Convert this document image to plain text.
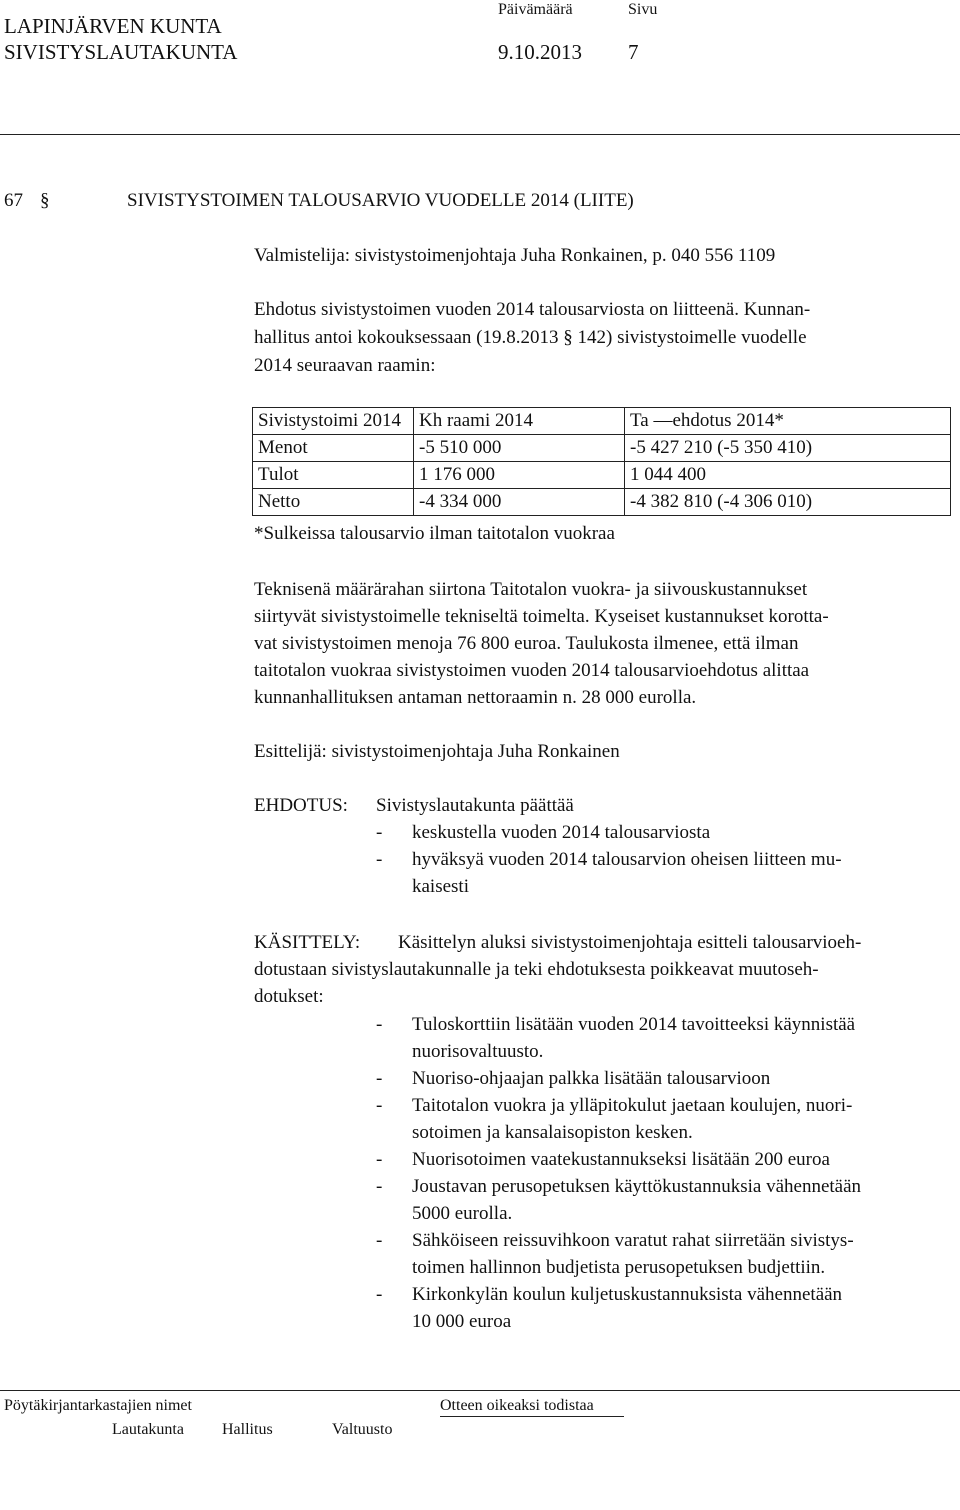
LAPINJÄRVEN KUNTA
SIVISTYSLAUTAKUNTA
Päivämäärä	Sivu
9.10.2013 7
67 §	SIVISTYSTOIMEN TALOUSARVIO VUODELLE 2014 (LIITE)
Valmistelija: sivistystoimenjohtaja Juha Ronkainen, p. 040 556 1109
Ehdotus sivistystoimen vuoden 2014 talousarviosta on liitteenä. Kunnan-
hallitus antoi kokouksessaan (19.8.2013 § 142) sivistystoimelle vuodelle
2014 seuraavan raamin:
Sivistystoimi 2014	Kh raami 2014	Ta —ehdotus 2014*
Menot	-5 510 000	-5 427 210 (-5 350 410)
Tulot	1 176 000	1 044 400
Netto	-4 334 000	-4 382 810 (-4 306 010)
*Sulkeissa talousarvio ilman taitotalon vuokraa
Teknisenä määrärahan siirtona Taitotalon vuokra- ja siivouskustannukset
siirtyvät sivistystoimelle tekniseltä toimelta. Kyseiset kustannukset korotta-
vat sivistystoimen menoja 76 800 euroa. Taulukosta ilmenee, että ilman
taitotalon vuokraa sivistystoimen vuoden 2014 talousarvioehdotus alittaa
kunnanhallituksen antaman nettoraamin n. 28 000 eurolla.
Esittelijä: sivistystoimenjohtaja Juha Ronkainen
EHDOTUS: Sivistyslautakunta päättää
- keskustella vuoden 2014 talousarviosta
- hyväksyä vuoden 2014 talousarvion oheisen liitteen mu-
kaisesti
KÄSITTELY: Käsittelyn aluksi sivistystoimenjohtaja esitteli talousarvioeh-
dotustaan sivistyslautakunnalle ja teki ehdotuksesta poikkeavat muutoseh-
dotukset:
- Tuloskorttiin lisätään vuoden 2014 tavoitteeksi käynnistää
nuorisovaltuusto.
- Nuoriso-ohjaajan palkka lisätään talousarvioon
- Taitotalon vuokra ja ylläpitokulut jaetaan koulujen, nuori-
sotoimen ja kansalaisopiston kesken.
- Nuorisotoimen vaatekustannukseksi lisätään 200 euroa
- Joustavan perusopetuksen käyttökustannuksia vähennetään
5000 eurolla.
- Sähköiseen reissuvihkoon varatut rahat siirretään sivistys-
toimen hallinnon budjetista perusopetuksen budjettiin.
- Kirkonkylän koulun kuljetuskustannuksista vähennetään
10 000 euroa
Pöytäkirjantarkastajien nimet	Otteen oikeaksi todistaa
Lautakunta Hallitus	Valtuusto
